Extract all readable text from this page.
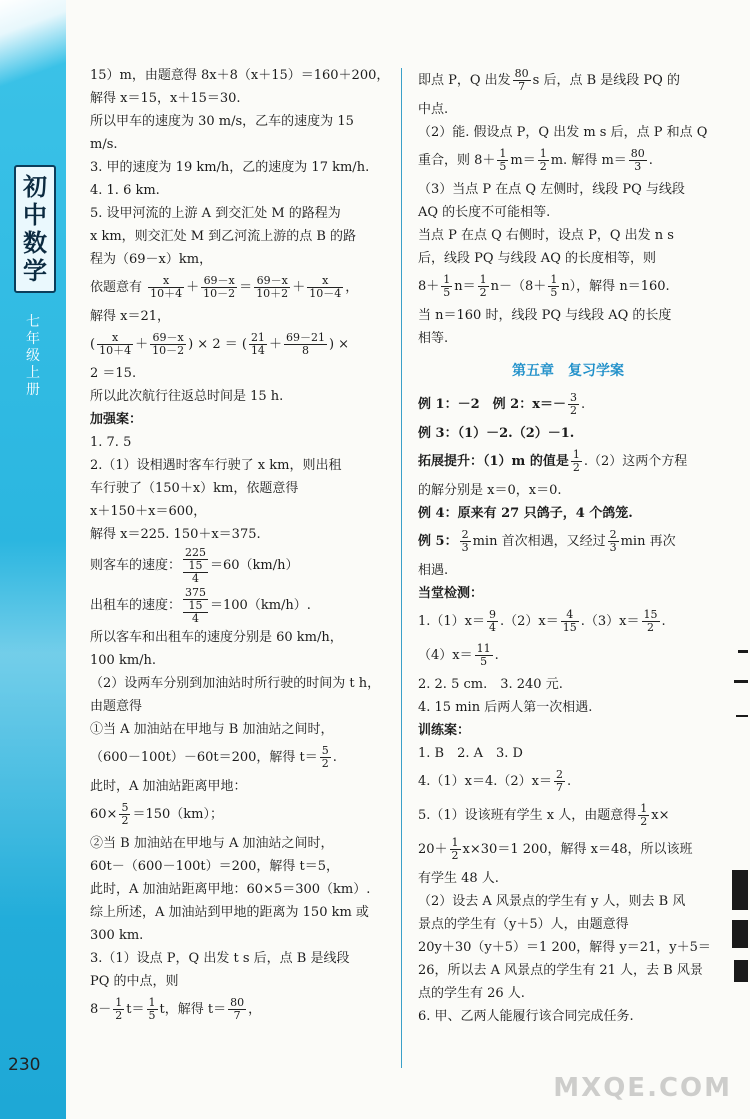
初
中
数
学
七
年
级
上
册
230
15）m，由题意得 8x＋8（x＋15）＝160＋200，
解得 x＝15，x＋15＝30.
所以甲车的速度为 30 m/s，乙车的速度为 15
m/s.
3. 甲的速度为 19 km/h，乙的速度为 17 km/h.
4. 1. 6 km.
5. 设甲河流的上游 A 到交汇处 M 的路程为
x km，则交汇处 M 到乙河流上游的点 B 的路
程为（69－x）km，
依题意有 $\frac{x}{10+4} + \frac{69-x}{10-2} = \frac{69-x}{10+2} + \frac{x}{10-4}$ ，
解得 x＝21，
( $\frac{x}{10+4} + \frac{69-x}{10-2}$ ) × 2 ＝ ( $\frac{21}{14} + \frac{69-21}{8}$ ) ×
2 ＝15.
所以此次航行往返总时间是 15 h.
加强案：
1. 7. 5
2.（1）设相遇时客车行驶了 x km，则出租
车行驶了（150＋x）km，依题意得
x＋150＋x＝600，
解得 x＝225. 150＋x＝375.
则客车的速度：
225
15
4
＝60（km/h）
出租车的速度：
375
15
4
＝100（km/h）.
所以客车和出租车的速度分别是 60 km/h，
100 km/h.
（2）设两车分别到加油站时所行驶的时间为 t h，
由题意得
①当 A 加油站在甲地与 B 加油站之间时，
（600－100t）－60t＝200，解得 $t= \frac{5}{2}$ .
此时，A 加油站距离甲地：
$60\times \frac{5}{2} =150(km)$；
②当 B 加油站在甲地与 A 加油站之间时，
60t－（600－100t）＝200，解得 t＝5，
此时，A 加油站距离甲地：60×5＝300（km）.
综上所述，A 加油站到甲地的距离为 150 km 或
300 km.
3.（1）设点 P，Q 出发 t s 后，点 B 是线段
PQ 的中点，则
$8- \frac{1}{2} t= \frac{1}{5}$ t，解得 $t= \frac{80}{7}$ ，
即点 P，Q 出发 $\frac{80}{7}$ s 后，点 B 是线段 PQ 的
中点.
（2）能. 假设点 P，Q 出发 m s 后，点 P 和点 Q
重合，则 $8+ \frac{1}{5} m= \frac{1}{2} m$. 解得 $m= \frac{80}{3}$ .
（3）当点 P 在点 Q 左侧时，线段 PQ 与线段
AQ 的长度不可能相等.
当点 P 在点 Q 右侧时，设点 P，Q 出发 n s
后，线段 PQ 与线段 AQ 的长度相等，则
$8+ \frac{1}{5} n= \frac{1}{2} n-(8+ \frac{1}{5} n)$，解得 n＝160.
当 n＝160 时，线段 PQ 与线段 AQ 的长度
相等.
第五章　复习学案
例 1：－2　例 2：$x=- \frac{3}{2}$ .
例 3：（1）－2.（2）－1.
拓展提升：（1）m 的值是 $\frac{1}{2} .(2)$这两个方程
的解分别是 x＝0，x＝0.
例 4：原来有 27 只鸽子，4 个鸽笼.
例 5： $\frac{2}{3}$ min 首次相遇，又经过 $\frac{2}{3}$ min 再次
相遇.
当堂检测：
$1.(1)x= \frac{9}{4} .(2)x= \frac{4}{15} .(3)x= \frac{15}{2}$ .
$(4)x= \frac{11}{5}$ .
2. 2. 5 cm.　3. 240 元.
4. 15 min 后两人第一次相遇.
训练案：
1. B　2. A　3. D
$4.(1)x=4.(2)x= \frac{2}{7}$ .
5.（1）设该班有学生 x 人，由题意得 $\frac{1}{2} x\times$
$20+ \frac{1}{2} x\times 30=1$ 200，解得 x＝48，所以该班
有学生 48 人.
（2）设去 A 风景点的学生有 y 人，则去 B 风
景点的学生有（y＋5）人，由题意得
20y＋30（y＋5）＝1 200，解得 y＝21，y＋5＝
26，所以去 A 风景点的学生有 21 人，去 B 风景
点的学生有 26 人.
6. 甲、乙两人能履行该合同完成任务.
MXQE.COM
